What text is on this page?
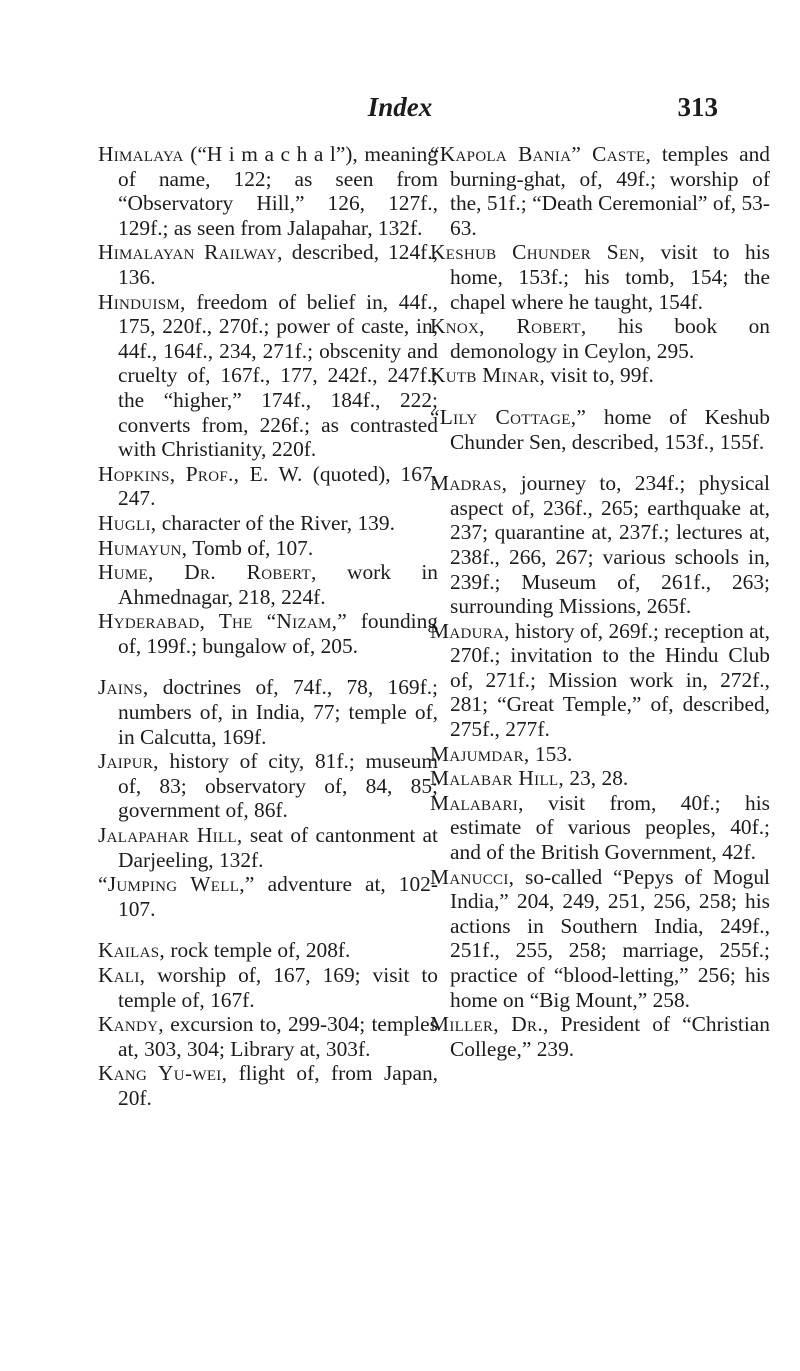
Index	313

Himalaya (“H i m a c h a l”), meaning of name, 122; as seen from “Observatory Hill,” 126, 127f., 129f.; as seen from Jalapahar, 132f.

Himalayan Railway, described, 124f., 136.

Hinduism, freedom of belief in, 44f., 175, 220f., 270f.; power of caste, in, 44f., 164f., 234, 271f.; obscenity and cruelty of, 167f., 177, 242f., 247f.; the “higher,” 174f., 184f., 222; converts from, 226f.; as contrasted with Christianity, 220f.

Hopkins, Prof., E. W. (quoted), 167, 247.

Hugli, character of the River, 139.

Humayun, Tomb of, 107.

Hume, Dr. Robert, work in Ahmednagar, 218, 224f.

Hyderabad, The “Nizam,” founding of, 199f.; bungalow of, 205.

Jains, doctrines of, 74f., 78, 169f.; numbers of, in India, 77; temple of, in Calcutta, 169f.

Jaipur, history of city, 81f.; museum of, 83; observatory of, 84, 85; government of, 86f.

Jalapahar Hill, seat of cantonment at Darjeeling, 132f.

“Jumping Well,” adventure at, 102-107.

Kailas, rock temple of, 208f.

Kali, worship of, 167, 169; visit to temple of, 167f.

Kandy, excursion to, 299-304; temples at, 303, 304; Library at, 303f.

Kang Yu-wei, flight of, from Japan, 20f.

“Kapola Bania” Caste, temples and burning-ghat, of, 49f.; worship of the, 51f.; “Death Ceremonial” of, 53-63.

Keshub Chunder Sen, visit to his home, 153f.; his tomb, 154; the chapel where he taught, 154f.

Knox, Robert, his book on demonology in Ceylon, 295.

Kutb Minar, visit to, 99f.

“Lily Cottage,” home of Keshub Chunder Sen, described, 153f., 155f.

Madras, journey to, 234f.; physical aspect of, 236f., 265; earthquake at, 237; quarantine at, 237f.; lectures at, 238f., 266, 267; various schools in, 239f.; Museum of, 261f., 263; surrounding Missions, 265f.

Madura, history of, 269f.; reception at, 270f.; invitation to the Hindu Club of, 271f.; Mission work in, 272f., 281; “Great Temple,” of, described, 275f., 277f.

Majumdar, 153.

Malabar Hill, 23, 28.

Malabari, visit from, 40f.; his estimate of various peoples, 40f.; and of the British Government, 42f.

Manucci, so-called “Pepys of Mogul India,” 204, 249, 251, 256, 258; his actions in Southern India, 249f., 251f., 255, 258; marriage, 255f.; practice of “blood-letting,” 256; his home on “Big Mount,” 258.

Miller, Dr., President of “Christian College,” 239.
